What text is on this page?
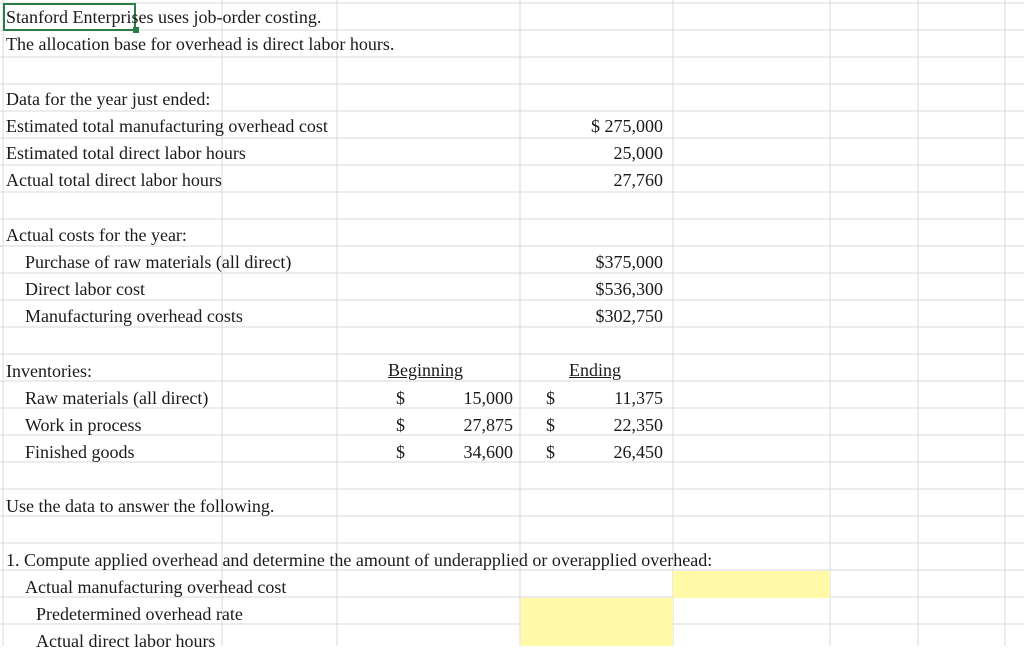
Stanford Enterprises uses job-order costing.
The allocation base for overhead is direct labor hours.
Data for the year just ended:
Estimated total manufacturing overhead cost	$ 275,000
Estimated total direct labor hours	25,000
Actual total direct labor hours	27,760
Actual costs for the year:
Purchase of raw materials (all direct)	$375,000
Direct labor cost	$536,300
Manufacturing overhead costs	$302,750
Inventories:	Beginning	Ending
Raw materials (all direct)	$	15,000 $	11,375
Work in process	$	27,875 $	22,350
Finished goods	$	34,600 $	26,450
Use the data to answer the following.
1. Compute applied overhead and determine the amount of underapplied or overapplied overhead:
Actual manufacturing overhead cost
Predetermined overhead rate
Actual direct labor hours
